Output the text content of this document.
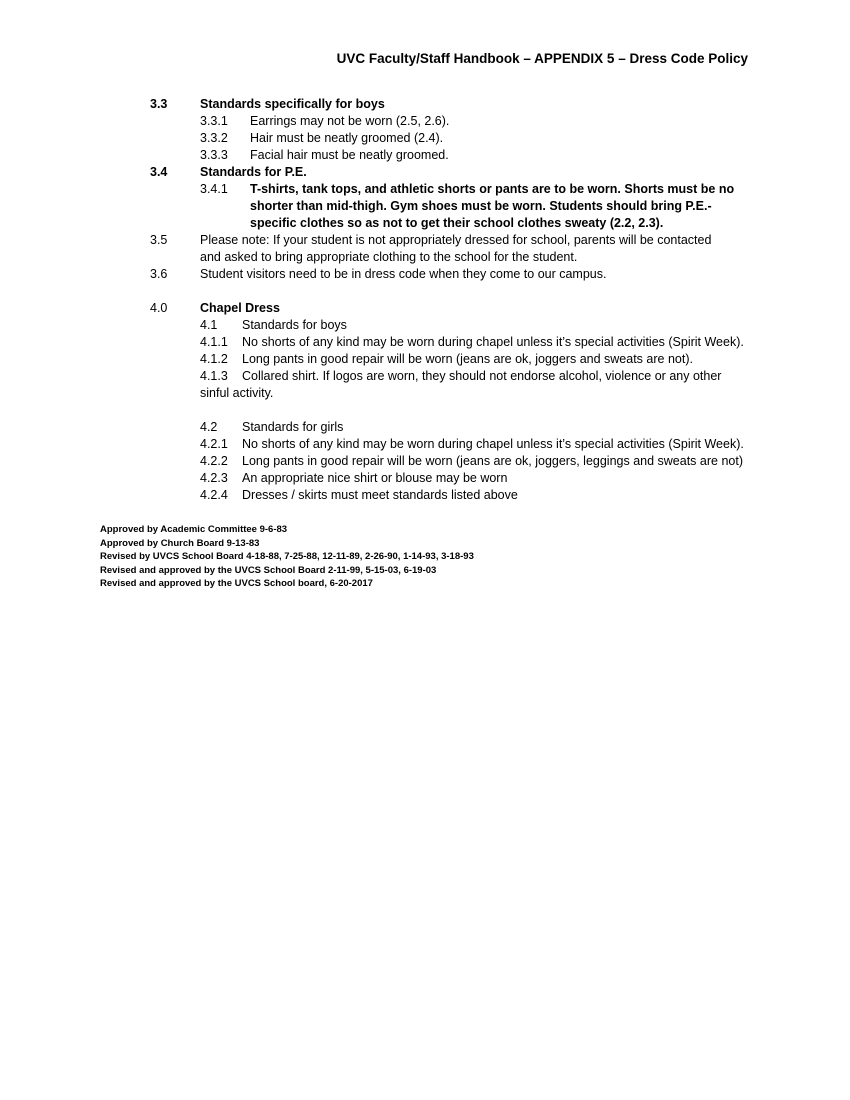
UVC Faculty/Staff Handbook – APPENDIX 5 – Dress Code Policy
3.3	Standards specifically for boys
3.3.1 Earrings may not be worn (2.5, 2.6).
3.3.2 Hair must be neatly groomed (2.4).
3.3.3 Facial hair must be neatly groomed.
3.4	Standards for P.E.
3.4.1 T-shirts, tank tops, and athletic shorts or pants are to be worn. Shorts must be no
shorter than mid-thigh. Gym shoes must be worn. Students should bring P.E.-
specific clothes so as not to get their school clothes sweaty (2.2, 2.3).
3.5	Please note: If your student is not appropriately dressed for school, parents will be contacted
and asked to bring appropriate clothing to the school for the student.
3.6	Student visitors need to be in dress code when they come to our campus.
4.0	Chapel Dress
4.1 Standards for boys
4.1.1 No shorts of any kind may be worn during chapel unless it’s special activities (Spirit Week).
4.1.2 Long pants in good repair will be worn (jeans are ok, joggers and sweats are not).
4.1.3 Collared shirt. If logos are worn, they should not endorse alcohol, violence or any other
sinful activity.
4.2 Standards for girls
4.2.1 No shorts of any kind may be worn during chapel unless it’s special activities (Spirit Week).
4.2.2 Long pants in good repair will be worn (jeans are ok, joggers, leggings and sweats are not)
4.2.3 An appropriate nice shirt or blouse may be worn
4.2.4 Dresses / skirts must meet standards listed above
Approved by Academic Committee 9-6-83
Approved by Church Board 9-13-83
Revised by UVCS School Board 4-18-88, 7-25-88, 12-11-89, 2-26-90, 1-14-93, 3-18-93
Revised and approved by the UVCS School Board 2-11-99, 5-15-03, 6-19-03
Revised and approved by the UVCS School board, 6-20-2017
